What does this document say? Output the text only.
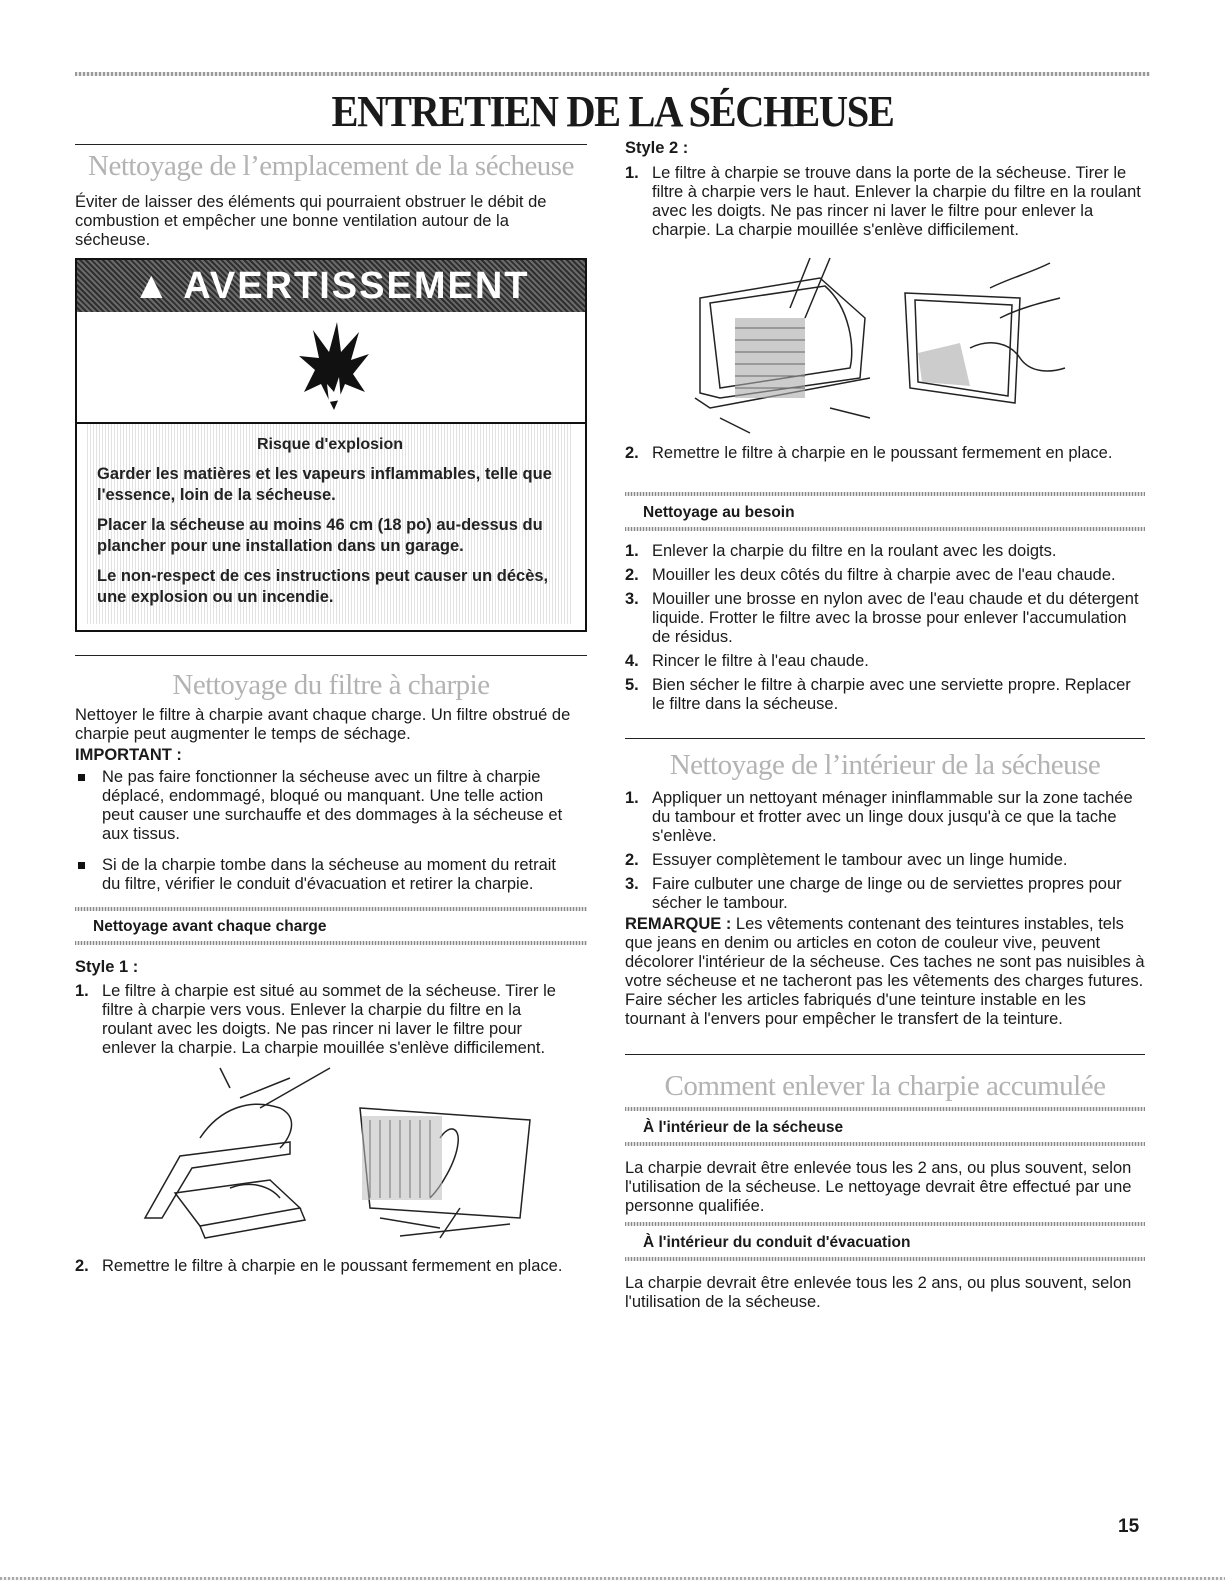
ENTRETIEN DE LA SÉCHEUSE
Nettoyage de l’emplacement de la sécheuse

Éviter de laisser des éléments qui pourraient obstruer le débit de combustion et empêcher une bonne ventilation autour de la sécheuse.

▲ AVERTISSEMENT

Risque d'explosion

Garder les matières et les vapeurs inflammables, telle que l'essence, loin de la sécheuse.

Placer la sécheuse au moins 46 cm (18 po) au-dessus du plancher pour une installation dans un garage.

Le non-respect de ces instructions peut causer un décès, une explosion ou un incendie.

Nettoyage du filtre à charpie

Nettoyer le filtre à charpie avant chaque charge. Un filtre obstrué de charpie peut augmenter le temps de séchage.

IMPORTANT :
Ne pas faire fonctionner la sécheuse avec un filtre à charpie déplacé, endommagé, bloqué ou manquant. Une telle action peut causer une surchauffe et des dommages à la sécheuse et aux tissus.
Si de la charpie tombe dans la sécheuse au moment du retrait du filtre, vérifier le conduit d'évacuation et retirer la charpie.
Nettoyage avant chaque charge
Style 1 :
1. Le filtre à charpie est situé au sommet de la sécheuse. Tirer le filtre à charpie vers vous. Enlever la charpie du filtre en la roulant avec les doigts. Ne pas rincer ni laver le filtre pour enlever la charpie. La charpie mouillée s'enlève difficilement.
2. Remettre le filtre à charpie en le poussant fermement en place.
Style 2 :
1. Le filtre à charpie se trouve dans la porte de la sécheuse. Tirer le filtre à charpie vers le haut. Enlever la charpie du filtre en la roulant avec les doigts. Ne pas rincer ni laver le filtre pour enlever la charpie. La charpie mouillée s'enlève difficilement.
2. Remettre le filtre à charpie en le poussant fermement en place.
Nettoyage au besoin
1. Enlever la charpie du filtre en la roulant avec les doigts.
2. Mouiller les deux côtés du filtre à charpie avec de l'eau chaude.
3. Mouiller une brosse en nylon avec de l'eau chaude et du détergent liquide. Frotter le filtre avec la brosse pour enlever l'accumulation de résidus.
4. Rincer le filtre à l'eau chaude.
5. Bien sécher le filtre à charpie avec une serviette propre. Replacer le filtre dans la sécheuse.
Nettoyage de l’intérieur de la sécheuse
1. Appliquer un nettoyant ménager ininflammable sur la zone tachée du tambour et frotter avec un linge doux jusqu'à ce que la tache s'enlève.
2. Essuyer complètement le tambour avec un linge humide.
3. Faire culbuter une charge de linge ou de serviettes propres pour sécher le tambour.

REMARQUE : Les vêtements contenant des teintures instables, tels que jeans en denim ou articles en coton de couleur vive, peuvent décolorer l'intérieur de la sécheuse. Ces taches ne sont pas nuisibles à votre sécheuse et ne tacheront pas les vêtements des charges futures. Faire sécher les articles fabriqués d'une teinture instable en les tournant à l'envers pour empêcher le transfert de la teinture.

Comment enlever la charpie accumulée
À l'intérieur de la sécheuse

La charpie devrait être enlevée tous les 2 ans, ou plus souvent, selon l'utilisation de la sécheuse. Le nettoyage devrait être effectué par une personne qualifiée.

À l'intérieur du conduit d'évacuation

La charpie devrait être enlevée tous les 2 ans, ou plus souvent, selon l'utilisation de la sécheuse.

15
